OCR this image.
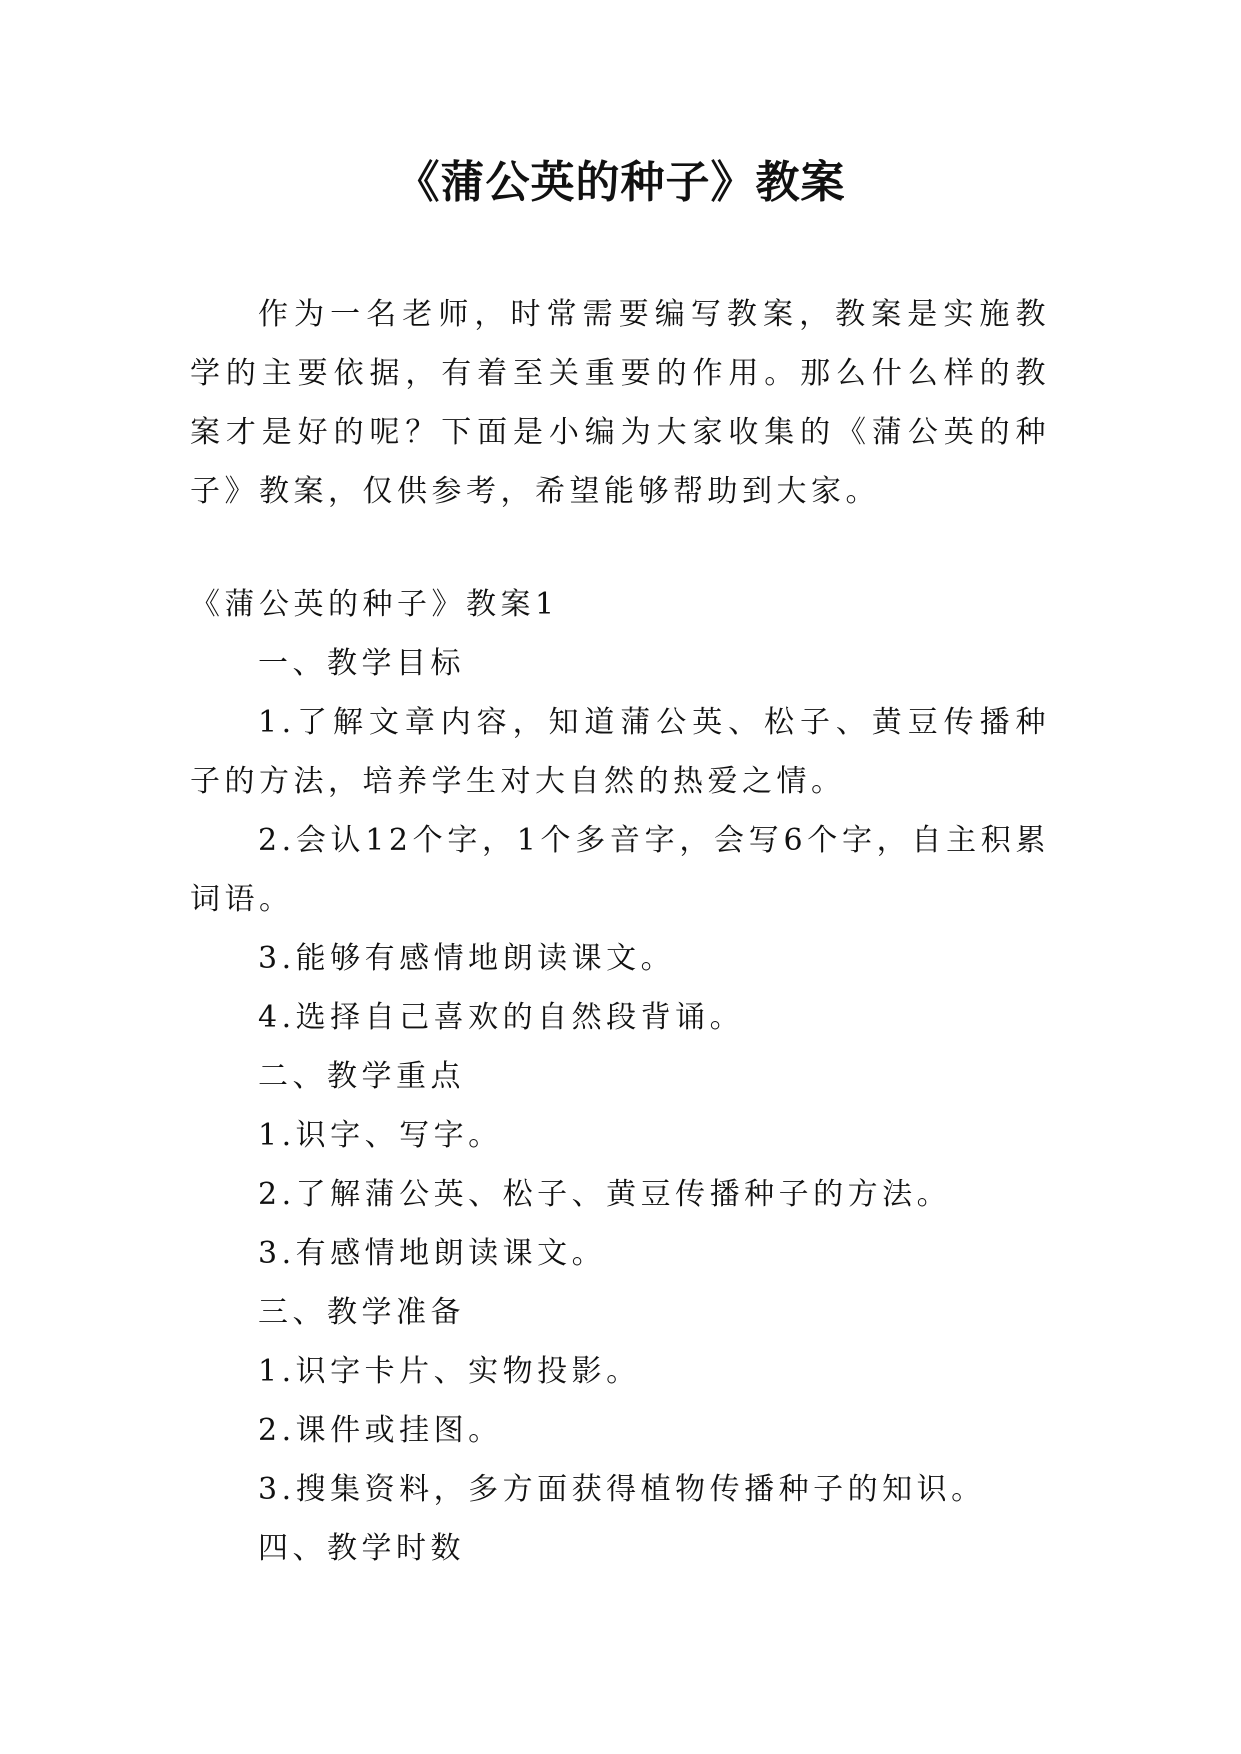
《蒲公英的种子》教案

作为一名老师，时常需要编写教案，教案是实施教学的主要依据，有着至关重要的作用。那么什么样的教案才是好的呢？下面是小编为大家收集的《蒲公英的种子》教案，仅供参考，希望能够帮助到大家。

《蒲公英的种子》教案1

一、教学目标

1.了解文章内容，知道蒲公英、松子、黄豆传播种子的方法，培养学生对大自然的热爱之情。

2.会认12个字，1个多音字，会写6个字，自主积累词语。

3.能够有感情地朗读课文。

4.选择自己喜欢的自然段背诵。

二、教学重点

1.识字、写字。

2.了解蒲公英、松子、黄豆传播种子的方法。

3.有感情地朗读课文。

三、教学准备

1.识字卡片、实物投影。

2.课件或挂图。

3.搜集资料，多方面获得植物传播种子的知识。

四、教学时数
